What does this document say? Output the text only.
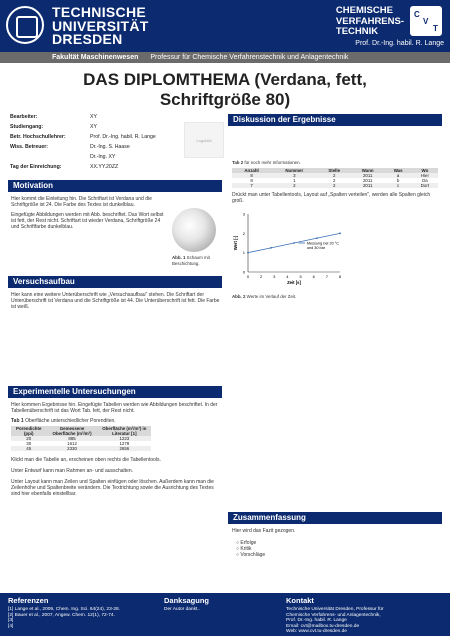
TECHNISCHE
UNIVERSITÄT
DRESDEN
CHEMISCHE
VERFAHRENS-
TECHNIK
Prof. Dr.-Ing. habil. R. Lange
C
V
T
Fakultät Maschinenwesen Professur für Chemische Verfahrenstechnik und Anlagentechnik
DAS DIPLOMTHEMA (Verdana, fett,
Schriftgröße 80)
Bearbeiter:	XY
Studiengang:	XY
Betr. Hochschullehrer:	Prof. Dr.-Ing. habil. R. Lange
Wiss. Betreuer:	Dr.-Ing. S. Haase
Dr.-Ing. XY
Tag der Einreichung:	XX.YY.20ZZ
Logobild
Motivation
Hier kommt die Einleitung hin. Die Schriftart ist Verdana und die Schriftgröße ist 24. Die Farbe des Textes ist dunkelblau.
Eingefügte Abbildungen werden mit Abb. beschriftet. Das Wort selbst ist fett, der Rest nicht. Schriftart ist wieder Verdana, Schriftgröße 24 und Schriftfarbe dunkelblau.
Abb. 1 Schaum mit Beschichtung.
Versuchsaufbau
Hier kann eine weitere Unterüberschrift wie „Versuchsaufbau" stehen. Die Schriftart der Unterüberschrift ist Verdana und die Schriftgröße ist 44. Die Unterüberschrift ist fett. Die Farbe ist weiß.
Experimentelle Untersuchungen
Hier kommen Ergebnisse hin. Eingefügte Tabellen werden wie Abbildungen beschriftet. In der Tabellenüberschrift ist das Wort Tab. fett, der Rest nicht.
Tab 1 Oberfläche unterschiedlicher Porenditen.
Porendichte (ppi)	Gemessene Oberfläche (m²/m³)	Oberfläche (m²/m³) in Literatur [1]
20	885	1223
30	1612	1278
45	2330	2656
Klickt man die Tabelle an, erscheinen oben rechts die Tabellentools.
Unter Entwurf kann man Rahmen an- und ausschalten.
Unter Layout kann man Zeilen und Spalten einfügen oder löschen. Außerdem kann man die Zeilenhöhe und Spaltenbreite verändern. Die Textrichtung sowie die Ausrichtung des Textes sind hier ebenfalls einstellbar.
Diskussion der Ergebnisse
Tab 2 für noch mehr Informationen.
Anzahl	Nummer	Stelle	Wann	Was	Wo
8	3	2	2011	a	Hier
8	1	2	2011	b	Da
7	2	2	2011	c	Dort
Drückt man unter Tabellentools, Layout auf „Spalten verteilen", werden alle Spalten gleich groß.
0
1
2
3
0	2	3	4	5	6	7	8
Zeit [s]
Wert [-]	Messung bei 20 °C und 30 bar
Abb. 2 Werte im Verlauf der Zeit.
Zusammenfassung
Hier wird das Fazit gezogen.
○ Erfolge
○ Kritik
○ Vorschläge
Referenzen
[1] Lange et al., 2009, Chem. Ing. Sci. 64(24), 23-28.
[2] Bauer et al., 2007, Angew. Chem. 12(1), 72-74.
[3]
[4]
Danksagung
Der Autor dankt..
Kontakt
Technische Universität Dresden, Professur für
Chemische Verfahrens- und Anlagentechnik,
Prof. Dr.-Ing. habil. R. Lange
Email: cvt@mailbox.tu-dresden.de
Web: www.cvt.tu-dresden.de
